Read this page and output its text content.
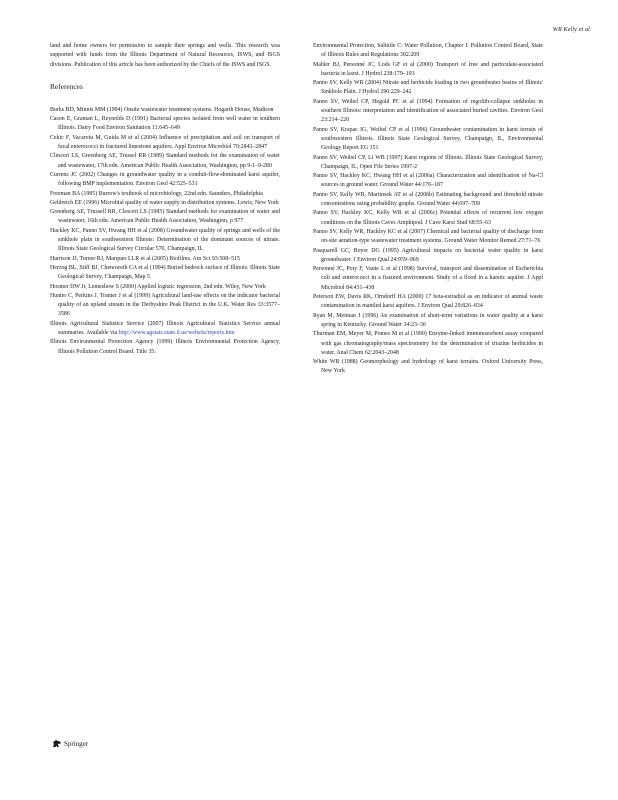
WR Kelly et al

land and home owners for permission to sample their springs and wells. This research was supported with funds from the Illinois Department of Natural Resources, ISWS, and ISGS divisions. Publication of this article has been authorized by the Chiefs of the ISWS and ISGS.

References

Burks BD, Minnis MM (1994) Onsite wastewater treatment systems. Hogarth House, Madison

Cason E, Graman L, Reynolds D (1991) Bacterial species isolated from well water in southern Illinois. Dairy Food Environ Sanitation 11:645–649

Cekic F, Vacaroiu M, Guida M et al (2004) Influence of precipitation and soil on transport of fecal enterococci in fractured limestone aquifers. Appl Environ Microbiol 70:2843–2847

Clesceri LS, Greenberg AE, Trussel RR (1989) Standard methods for the examination of water and wastewater, 17th edn. American Public Health Association, Washington, pp 9-1–9-280

Currens JC (2002) Changes in groundwater quality in a conduit-flow-dominated karst aquifer, following BMP implementation. Environ Geol 42:525–531

Freeman BA (1985) Burrow's textbook of microbiology, 22nd edn. Saunders, Philadelphia

Geldreich EE (1996) Microbial quality of water supply in distribution systems. Lewis, New York

Greenberg AE, Trussell RR, Clesceri LS (1985) Standard methods for examination of water and wastewater, 16th edn. American Public Health Association, Washington, p 977

Hackley KC, Panno SV, Hwang HH et al (2008) Groundwater quality of springs and wells of the sinkhole plain in southwestern Illinois: Determination of the dominant sources of nitrate. Illinois State Geological Survey Circular 570, Champaign, IL

Harrison JJ, Turner RJ, Marques LLR et al (2005) Biofilms. Am Sci 93:508–515

Herzog BL, Stiff BJ, Chenoweth CA et al (1994) Buried bedrock surface of Illinois. Illinois State Geological Survey, Champaign, Map 5

Hosmer DW Jr, Lemeshow S (2000) Applied logistic regression, 2nd edn. Wiley, New York

Hunter C, Perkins J, Tranter J et al (1999) Agricultural land-use effects on the indicator bacterial quality of an upland stream in the Derbyshire Peak District in the U.K. Water Res 33:3577–3586

Illinois Agricultural Statistics Service (2007) Illinois Agricultural Statistics Service annual summaries. Available via http://www.agstats.state.il.us/website/reports.htm

Illinois Environmental Protection Agency (1999) Illinois Environmental Protection Agency, Illinois Pollution Control Board. Title 35:

Environmental Protection, Subtitle C: Water Pollution, Chapter I: Pollution Control Board, State of Illinois Rules and Regulations 302.209

Mahler BJ, Personné JC, Lods GF et al (2000) Transport of free and particulate-associated bacteria in karst. J Hydrol 238:179–193

Panno SV, Kelly WR (2004) Nitrate and herbicide loading in two groundwater basins of Illinois' Sinkhole Plain. J Hydrol 290:229–242

Panno SV, Weibel CP, Hegold PC et al (1994) Formation of regolith-collapse sinkholes in southern Illinois: interpretation and identification of associated buried cavities. Environ Geol 23:214–220

Panno SV, Krapac IG, Weibel CP et al (1996) Groundwater contamination in karst terrain of southwestern Illinois. Illinois State Geological Survey, Champaign, IL, Environmental Geology Report EG 151

Panno SV, Weibel CP, Li WB (1997) Karst regions of Illinois. Illinois State Geological Survey, Champaign, IL, Open File Series 1997-2

Panno SV, Hackley KC, Hwang HH et al (2006a) Characterization and identification of Na-Cl sources in ground water. Ground Water 44:176–187

Panno SV, Kelly WR, Martinsek AT et al (2006b) Estimating background and threshold nitrate concentrations using probability graphs. Ground Water 44:697–709

Panno SV, Hackley KC, Kelly WR et al (2006c) Potential effects of recurrent low oxygen conditions on the Illinois Caves Amphipod. J Cave Karst Stud 68:55–63

Panno SV, Kelly WR, Hackley KC et al (2007) Chemical and bacterial quality of discharge from on-site aeration-type wastewater treatment systems. Ground Water Monitor Remed 27:71–76

Pasquarell GC, Boyer DG (1995) Agricultural impacts on bacterial water quality in karst groundwater. J Environ Qual 24:959–969

Personné JC, Poty F, Vaute L et al (1998) Survival, transport and dissemination of Escherichia coli and enterococci in a fissured environment. Study of a flood in a karstic aquifer. J Appl Microbiol 84:431–438

Peterson EW, Davis RK, Orndorff HA (2000) 17 beta-estradiol as an indicator of animal waste contamination in mantled karst aquifers. J Environ Qual 29:826–834

Ryan M, Meiman J (1996) An examination of short-term variations in water quality at a karst spring in Kentucky. Ground Water 34:23–30

Thurman EM, Meyer M, Pomes M et al (1990) Enzyme-linked immunosorbent assay compared with gas chromatography/mass spectrometry for the determination of triazine herbicides in water. Anal Chem 62:2043–2048

White WB (1988) Geomorphology and hydrology of karst terrains. Oxford University Press, New York

Springer
